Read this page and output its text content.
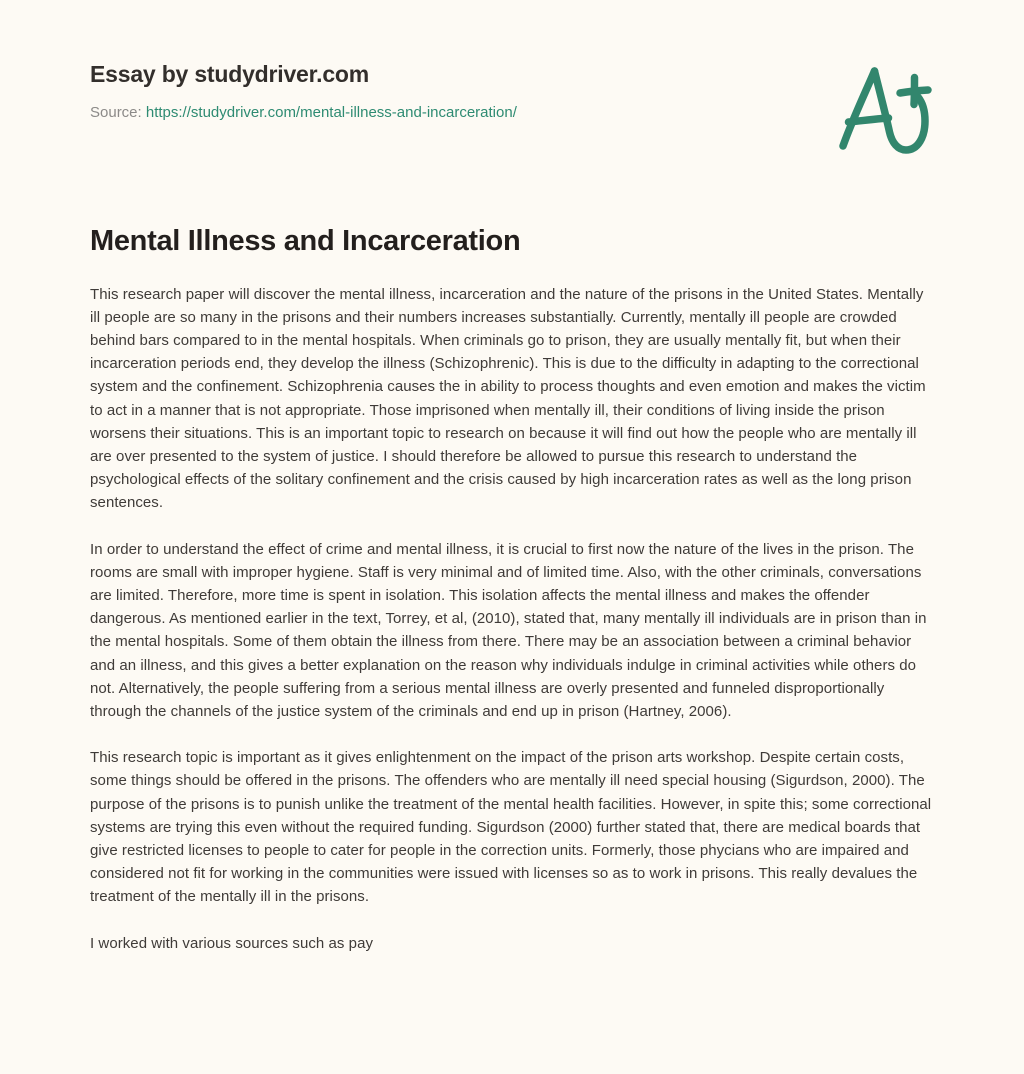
Essay by studydriver.com
Source: https://studydriver.com/mental-illness-and-incarceration/
Mental Illness and Incarceration

This research paper will discover the mental illness, incarceration and the nature of the prisons in the United States. Mentally ill people are so many in the prisons and their numbers increases substantially. Currently, mentally ill people are crowded behind bars compared to in the mental hospitals. When criminals go to prison, they are usually mentally fit, but when their incarceration periods end, they develop the illness (Schizophrenic). This is due to the difficulty in adapting to the correctional system and the confinement. Schizophrenia causes the in ability to process thoughts and even emotion and makes the victim to act in a manner that is not appropriate. Those imprisoned when mentally ill, their conditions of living inside the prison worsens their situations. This is an important topic to research on because it will find out how the people who are mentally ill are over presented to the system of justice. I should therefore be allowed to pursue this research to understand the psychological effects of the solitary confinement and the crisis caused by high incarceration rates as well as the long prison sentences.

In order to understand the effect of crime and mental illness, it is crucial to first now the nature of the lives in the prison. The rooms are small with improper hygiene. Staff is very minimal and of limited time. Also, with the other criminals, conversations are limited. Therefore, more time is spent in isolation. This isolation affects the mental illness and makes the offender dangerous. As mentioned earlier in the text, Torrey, et al, (2010), stated that, many mentally ill individuals are in prison than in the mental hospitals. Some of them obtain the illness from there. There may be an association between a criminal behavior and an illness, and this gives a better explanation on the reason why individuals indulge in criminal activities while others do not. Alternatively, the people suffering from a serious mental illness are overly presented and funneled disproportionally through the channels of the justice system of the criminals and end up in prison (Hartney, 2006).

This research topic is important as it gives enlightenment on the impact of the prison arts workshop. Despite certain costs, some things should be offered in the prisons. The offenders who are mentally ill need special housing (Sigurdson, 2000). The purpose of the prisons is to punish unlike the treatment of the mental health facilities. However, in spite this; some correctional systems are trying this even without the required funding. Sigurdson (2000) further stated that, there are medical boards that give restricted licenses to people to cater for people in the correction units. Formerly, those phycians who are impaired and considered not fit for working in the communities were issued with licenses so as to work in prisons. This really devalues the treatment of the mentally ill in the prisons.

I worked with various sources such as pay
